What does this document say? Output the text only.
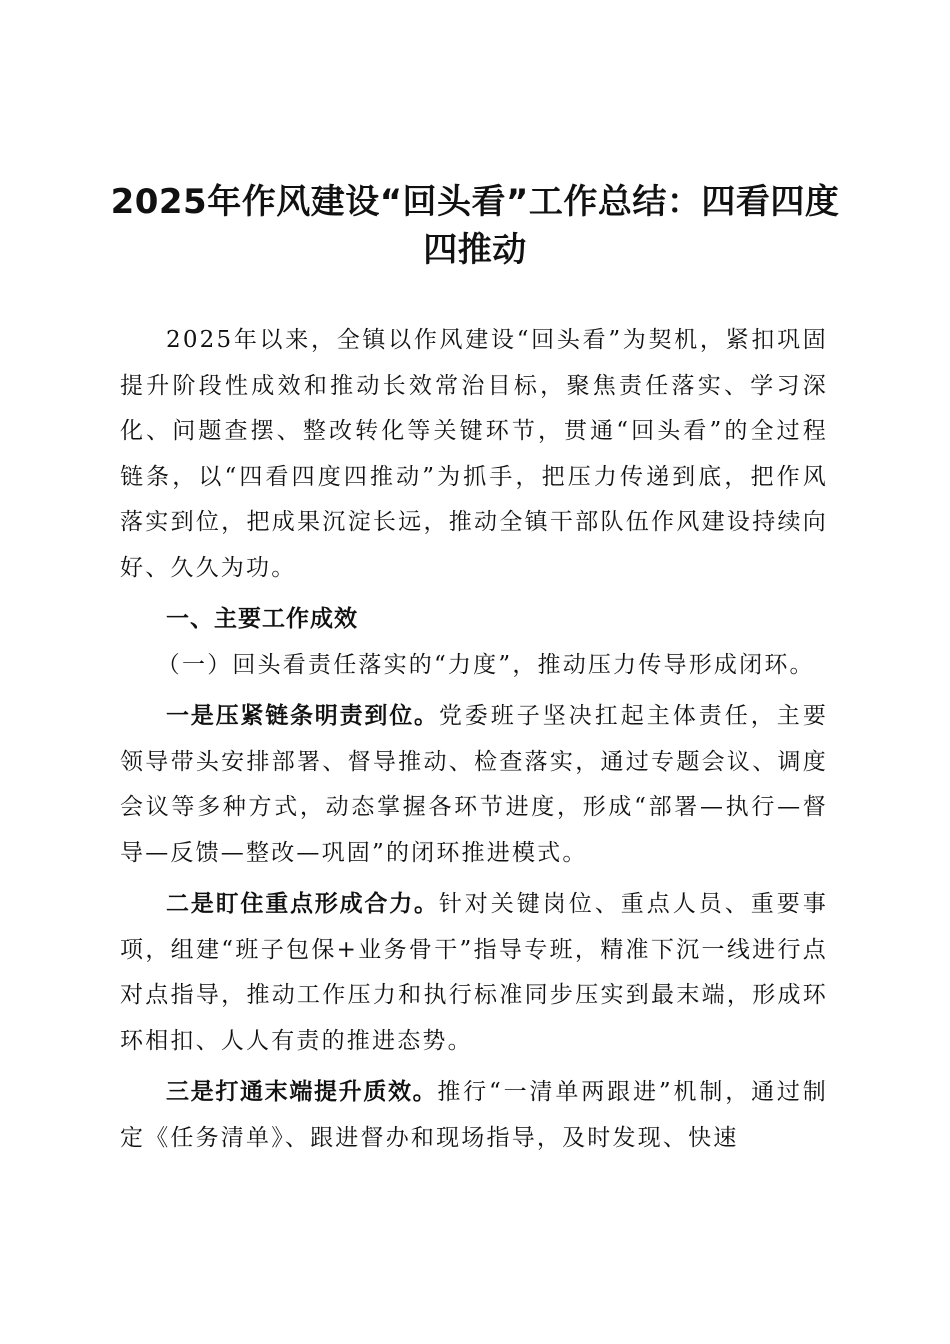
2025年作风建设“回头看”工作总结：四看四度四推动

2025年以来，全镇以作风建设“回头看”为契机，紧扣巩固提升阶段性成效和推动长效常治目标，聚焦责任落实、学习深化、问题查摆、整改转化等关键环节，贯通“回头看”的全过程链条，以“四看四度四推动”为抓手，把压力传递到底，把作风落实到位，把成果沉淀长远，推动全镇干部队伍作风建设持续向好、久久为功。

一、主要工作成效

（一）回头看责任落实的“力度”，推动压力传导形成闭环。

一是压紧链条明责到位。党委班子坚决扛起主体责任，主要领导带头安排部署、督导推动、检查落实，通过专题会议、调度会议等多种方式，动态掌握各环节进度，形成“部署—执行—督导—反馈—整改—巩固”的闭环推进模式。

二是盯住重点形成合力。针对关键岗位、重点人员、重要事项，组建“班子包保+业务骨干”指导专班，精准下沉一线进行点对点指导，推动工作压力和执行标准同步压实到最末端，形成环环相扣、人人有责的推进态势。

三是打通末端提升质效。推行“一清单两跟进”机制，通过制定《任务清单》、跟进督办和现场指导，及时发现、快速
